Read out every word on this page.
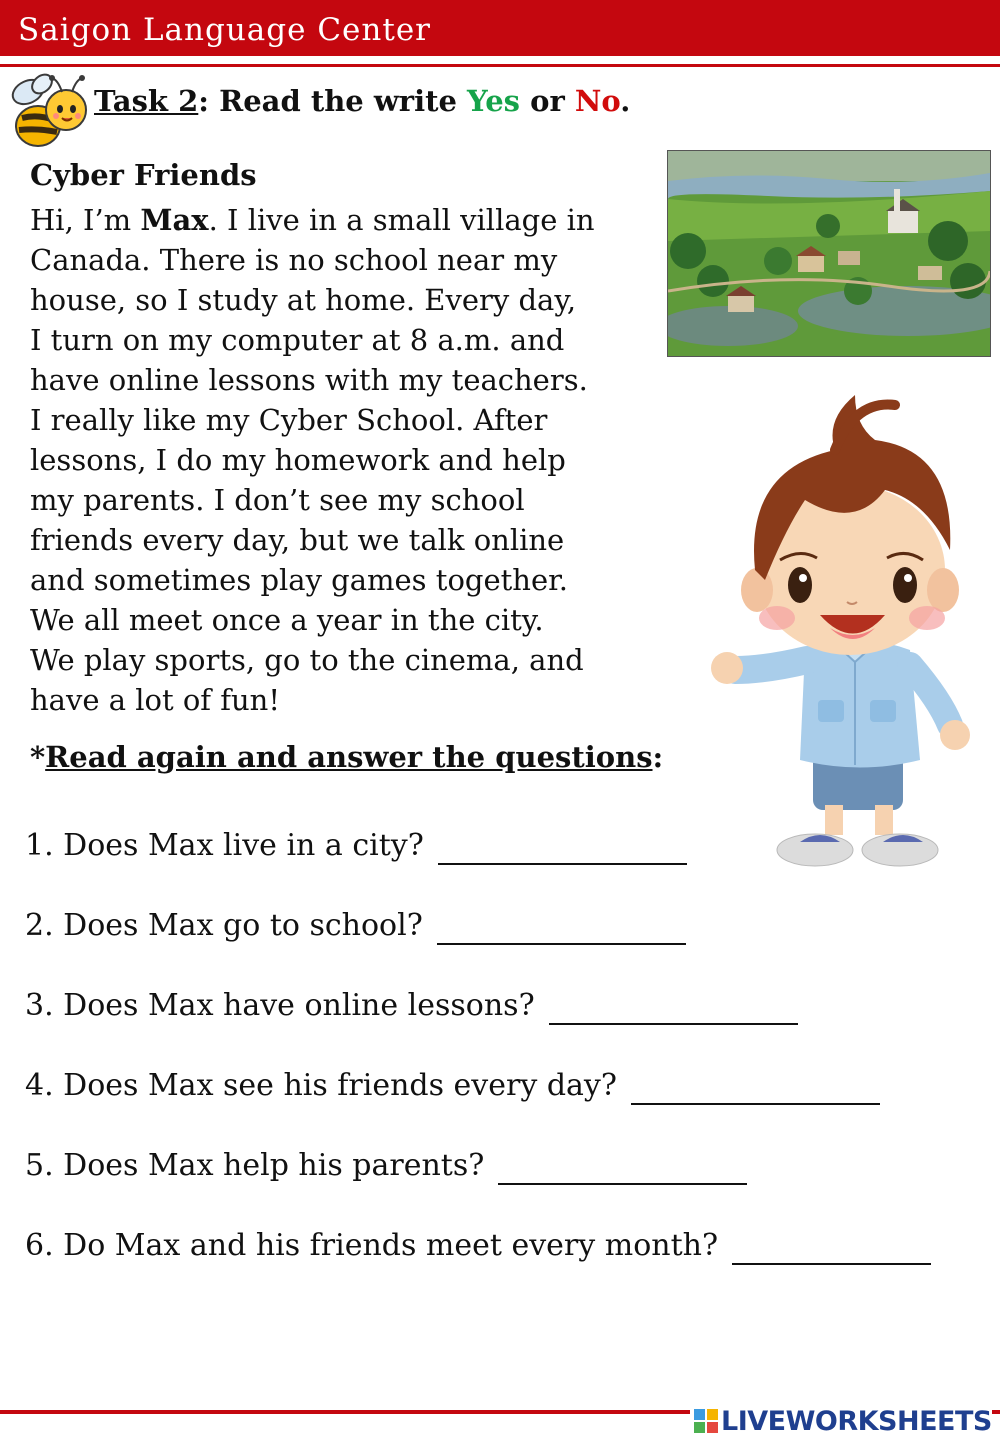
Saigon Language Center
Task 2: Read the write Yes or No.
Cyber Friends
Hi, I’m Max. I live in a small village in
Canada. There is no school near my
house, so I study at home. Every day,
I turn on my computer at 8 a.m. and
have online lessons with my teachers.
I really like my Cyber School. After
lessons, I do my homework and help
my parents. I don’t see my school
friends every day, but we talk online
and sometimes play games together.
We all meet once a year in the city.
We play sports, go to the cinema, and
have a lot of fun!
*Read again and answer the questions:
1. Does Max live in a city?
2. Does Max go to school?
3. Does Max have online lessons?
4. Does Max see his friends every day?
5. Does Max help his parents?
6. Do Max and his friends meet every month?
LIVEWORKSHEETS
